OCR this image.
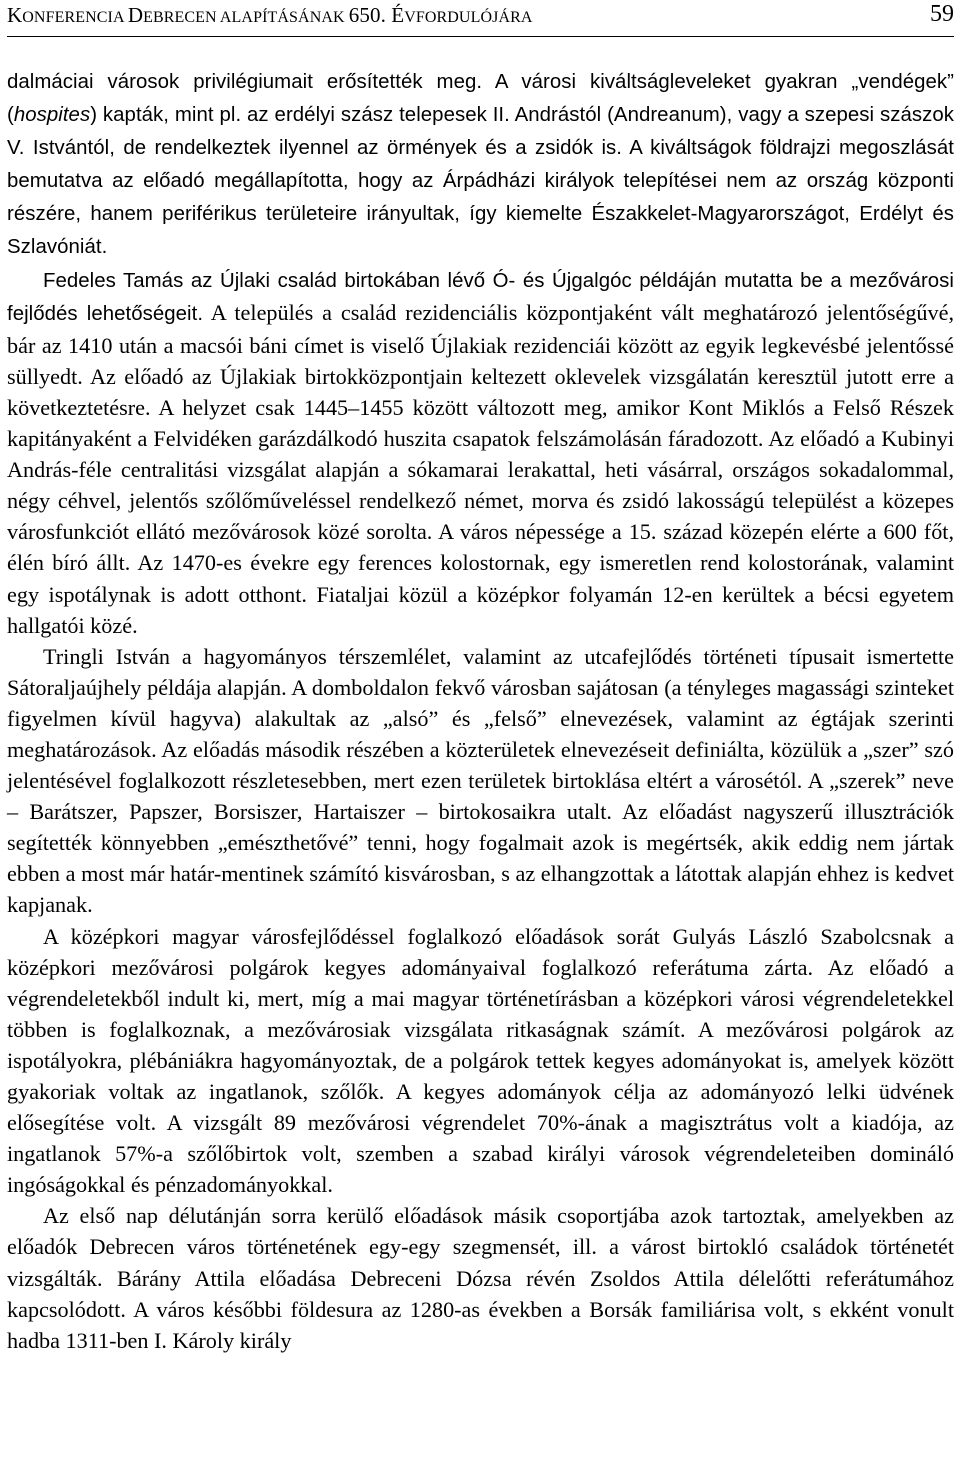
KONFERENCIA DEBRECEN ALAPÍTÁSÁNAK 650. ÉVFORDULÓJÁRA	59

dalmáciai városok privilégiumait erősítették meg. A városi kiváltságleveleket gyakran „vendégek” (hospites) kapták, mint pl. az erdélyi szász telepesek II. Andrástól (Andreanum), vagy a szepesi szászok V. Istvántól, de rendelkeztek ilyennel az örmények és a zsidók is. A kiváltságok földrajzi megoszlását bemutatva az előadó megállapította, hogy az Árpádházi királyok telepítései nem az ország központi részére, hanem periférikus területeire irányultak, így kiemelte Északkelet-Magyarországot, Erdélyt és Szlavóniát.

Fedeles Tamás az Újlaki család birtokában lévő Ó- és Újgalgóc példáján mutatta be a mezővárosi fejlődés lehetőségeit. A település a család rezidenciális központjaként vált meghatározó jelentőségűvé, bár az 1410 után a macsói báni címet is viselő Újlakiak rezidenciái között az egyik legkevésbé jelentőssé süllyedt. Az előadó az Újlakiak birtokközpontjain keltezett oklevelek vizsgálatán keresztül jutott erre a következtetésre. A helyzet csak 1445–1455 között változott meg, amikor Kont Miklós a Felső Részek kapitányaként a Felvidéken garázdálkodó huszita csapatok felszámolásán fáradozott. Az előadó a Kubinyi András-féle centralitási vizsgálat alapján a sókamarai lerakattal, heti vásárral, országos sokadalommal, négy céhvel, jelentős szőlőműveléssel rendelkező német, morva és zsidó lakosságú települést a közepes városfunkciót ellátó mezővárosok közé sorolta. A város népessége a 15. század közepén elérte a 600 főt, élén bíró állt. Az 1470-es évekre egy ferences kolostornak, egy ismeretlen rend kolostorának, valamint egy ispotálynak is adott otthont. Fiataljai közül a középkor folyamán 12-en kerültek a bécsi egyetem hallgatói közé.

Tringli István a hagyományos térszemlélet, valamint az utcafejlődés történeti típusait ismertette Sátoraljaújhely példája alapján. A domboldalon fekvő városban sajátosan (a tényleges magassági szinteket figyelmen kívül hagyva) alakultak az „alsó” és „felső” elnevezések, valamint az égtájak szerinti meghatározások. Az előadás második részében a közterületek elnevezéseit definiálta, közülük a „szer” szó jelentésével foglalkozott részletesebben, mert ezen területek birtoklása eltért a városétól. A „szerek” neve – Barátszer, Papszer, Borsiszer, Hartaiszer – birtokosaikra utalt. Az előadást nagyszerű illusztrációk segítették könnyebben „emészthetővé” tenni, hogy fogalmait azok is megértsék, akik eddig nem jártak ebben a most már határ-mentinek számító kisvárosban, s az elhangzottak a látottak alapján ehhez is kedvet kapjanak.

A középkori magyar városfejlődéssel foglalkozó előadások sorát Gulyás László Szabolcsnak a középkori mezővárosi polgárok kegyes adományaival foglalkozó referátuma zárta. Az előadó a végrendeletekből indult ki, mert, míg a mai magyar történetírásban a középkori városi végrendeletekkel többen is foglalkoznak, a mezővárosiak vizsgálata ritkaságnak számít. A mezővárosi polgárok az ispotályokra, plébániákra hagyományoztak, de a polgárok tettek kegyes adományokat is, amelyek között gyakoriak voltak az ingatlanok, szőlők. A kegyes adományok célja az adományozó lelki üdvének elősegítése volt. A vizsgált 89 mezővárosi végrendelet 70%-ának a magisztrátus volt a kiadója, az ingatlanok 57%-a szőlőbirtok volt, szemben a szabad királyi városok végrendeleteiben domináló ingóságokkal és pénzadományokkal.

Az első nap délutánján sorra kerülő előadások másik csoportjába azok tartoztak, amelyekben az előadók Debrecen város történetének egy-egy szegmensét, ill. a várost birtokló családok történetét vizsgálták. Bárány Attila előadása Debreceni Dózsa révén Zsoldos Attila délelőtti referátumához kapcsolódott. A város későbbi földesura az 1280-as években a Borsák familiárisa volt, s ekként vonult hadba 1311-ben I. Károly király
